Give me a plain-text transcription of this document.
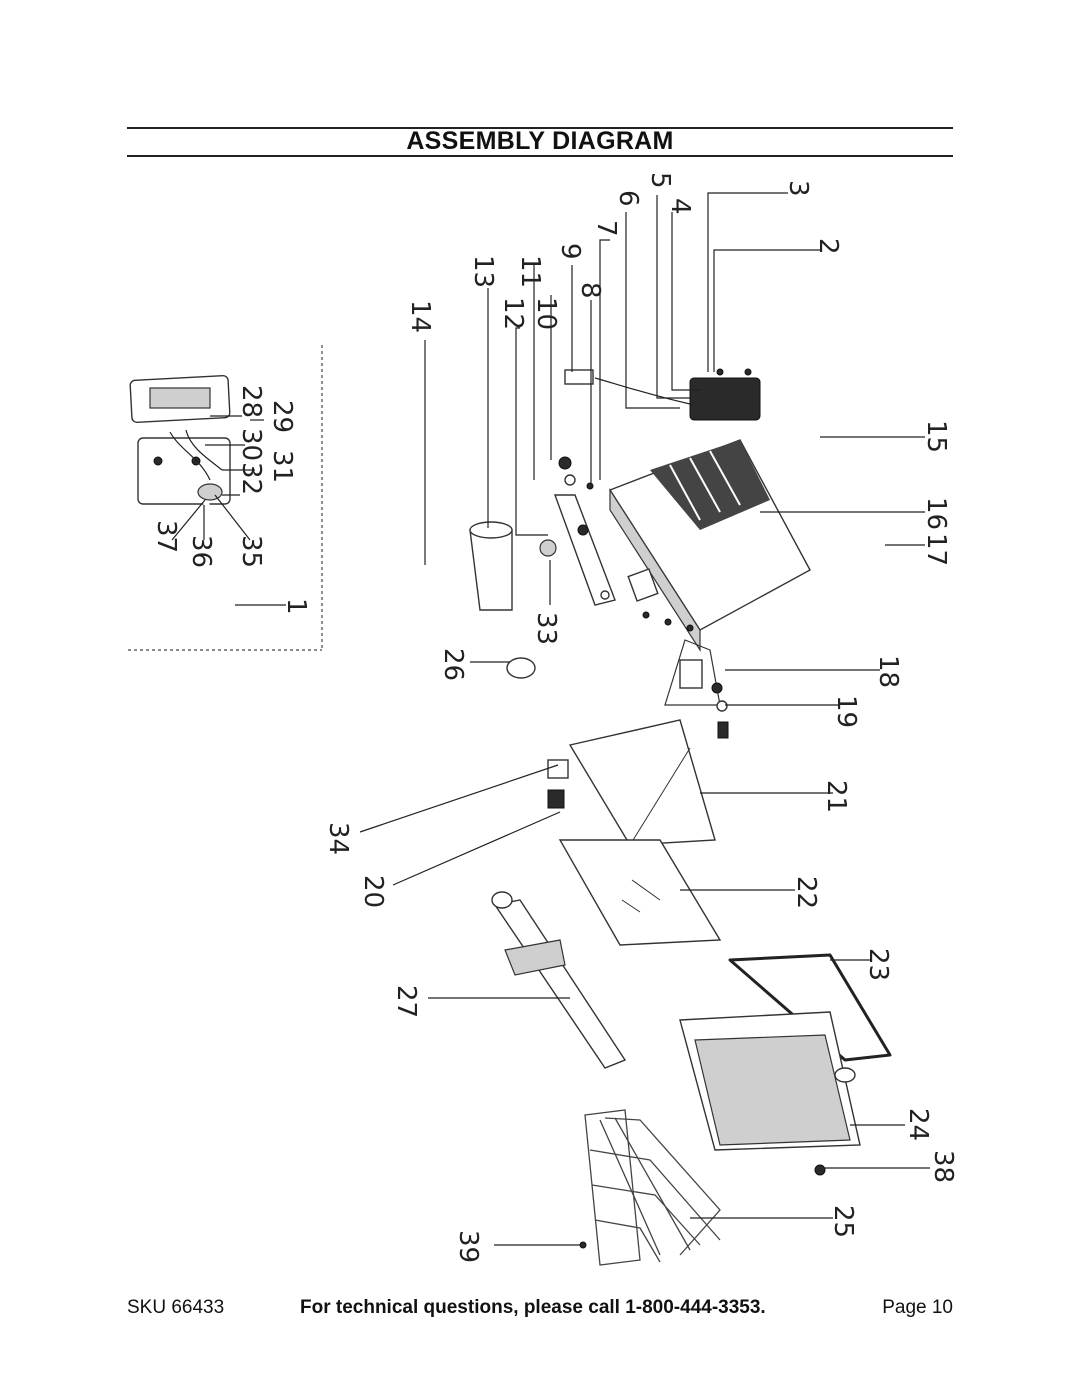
ASSEMBLY DIAGRAM
1
2
3
4
5
6
7
8
9
10
11
12
13
14
15
16
17
18
19
20
21
22
23
24
25
26
27
28 29
30
31
32
33
34
35
36
37
38
39
SKU 66433	For technical questions, please call 1-800-444-3353.	Page 10
